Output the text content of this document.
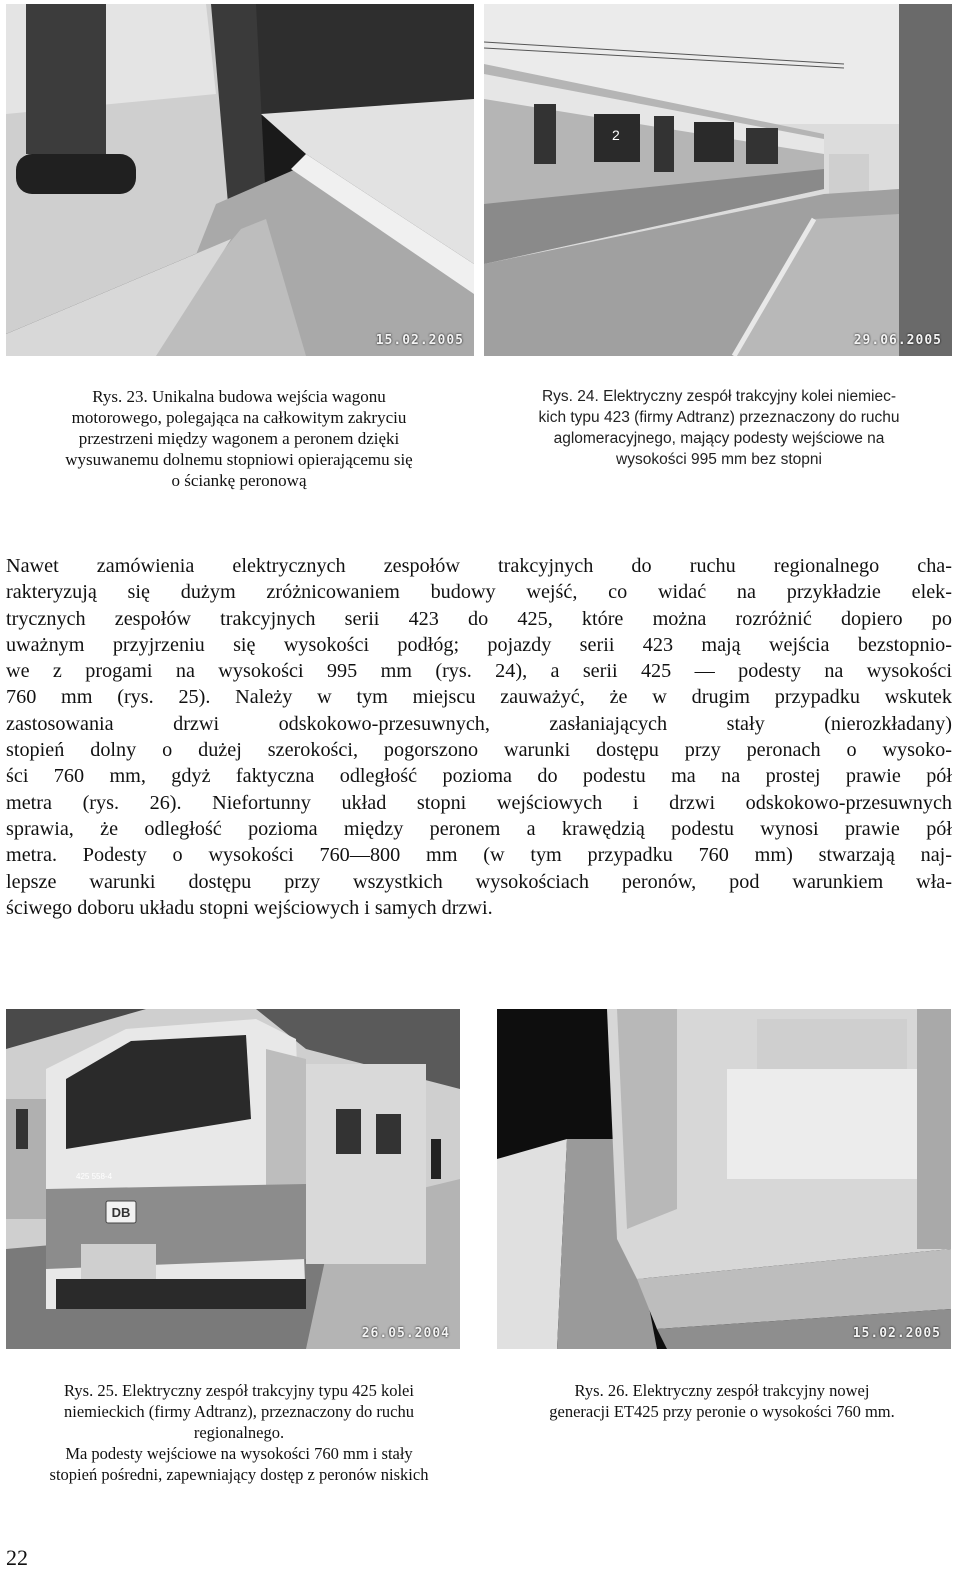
15.02.2005
2
29.06.2005
Rys. 23. Unikalna budowa wejścia wagonu
motorowego, polegająca na całkowitym zakryciu
przestrzeni między wagonem a peronem dzięki
wysuwanemu dolnemu stopniowi opierającemu się
o ściankę peronową
Rys. 24. Elektryczny zespół trakcyjny kolei niemiec-
kich typu 423 (firmy Adtranz) przeznaczony do ruchu
aglomeracyjnego, mający podesty wejściowe na
wysokości 995 mm bez stopni
Nawet zamówienia elektrycznych zespołów trakcyjnych do ruchu regionalnego cha-
rakteryzują się dużym zróżnicowaniem budowy wejść, co widać na przykładzie elek-
trycznych zespołów trakcyjnych serii 423 do 425, które można rozróżnić dopiero po
uważnym przyjrzeniu się wysokości podłóg; pojazdy serii 423 mają wejścia bezstopnio-
we z progami na wysokości 995 mm (rys. 24), a serii 425 — podesty na wysokości
760 mm (rys. 25). Należy w tym miejscu zauważyć, że w drugim przypadku wskutek
zastosowania drzwi odskokowo-przesuwnych, zasłaniających stały (nierozkładany)
stopień dolny o dużej szerokości, pogorszono warunki dostępu przy peronach o wysoko-
ści 760 mm, gdyż faktyczna odległość pozioma do podestu ma na prostej prawie pół
metra (rys. 26). Niefortunny układ stopni wejściowych i drzwi odskokowo-przesuwnych
sprawia, że odległość pozioma między peronem a krawędzią podestu wynosi prawie pół
metra. Podesty o wysokości 760—800 mm (w tym przypadku 760 mm) stwarzają naj-
lepsze warunki dostępu przy wszystkich wysokościach peronów, pod warunkiem wła-
ściwego doboru układu stopni wejściowych i samych drzwi.
DB
425 558-4
26.05.2004	15.02.2005
Rys. 25. Elektryczny zespół trakcyjny typu 425 kolei
niemieckich (firmy Adtranz), przeznaczony do ruchu
regionalnego.
Ma podesty wejściowe na wysokości 760 mm i stały
stopień pośredni, zapewniający dostęp z peronów niskich
Rys. 26. Elektryczny zespół trakcyjny nowej
generacji ET425 przy peronie o wysokości 760 mm.
22
